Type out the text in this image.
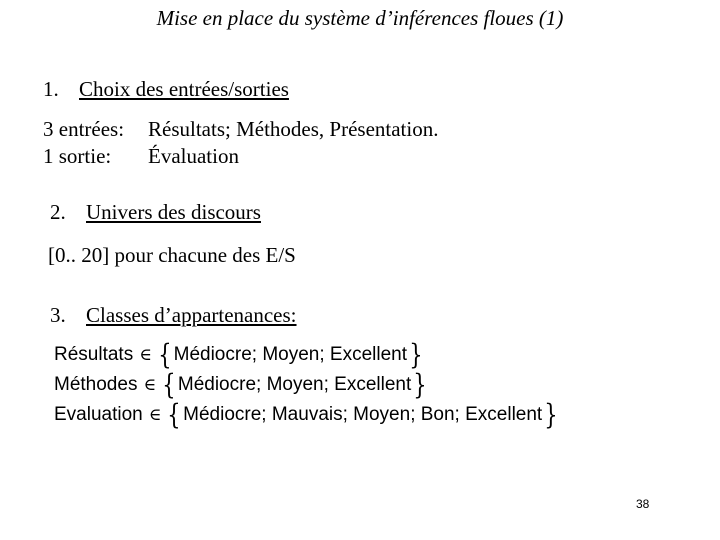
Mise en place du système d’inférences floues (1)
1. Choix des entrées/sorties
3 entrées: Résultats; Méthodes, Présentation.
1 sortie: Évaluation
2. Univers des discours
[0.. 20] pour chacune des E/S
3. Classes d’appartenances:
Résultats ∈ { Médiocre; Moyen; Excellent }
Méthodes ∈ { Médiocre; Moyen; Excellent }
Evaluation ∈ { Médiocre; Mauvais; Moyen; Bon; Excellent }
38
